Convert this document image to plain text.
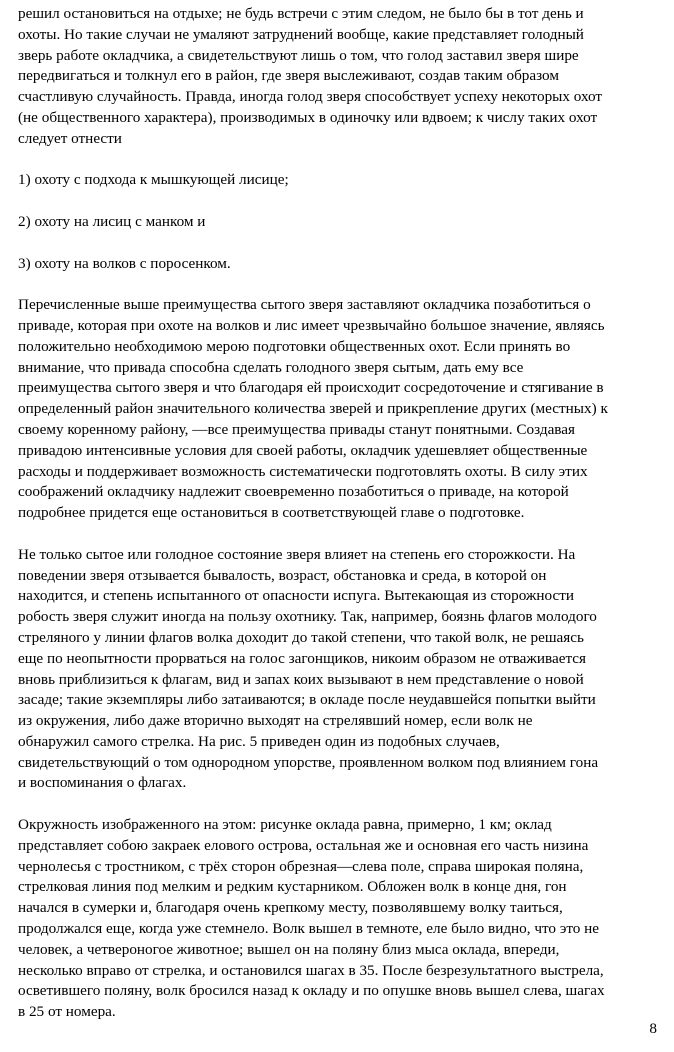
решил остановиться на отдыхе; не будь встречи с этим следом, не было бы в тот день и
охоты. Но такие случаи не умаляют затруднений вообще, какие представляет голодный
зверь работе окладчика, а свидетельствуют лишь о том, что голод заставил зверя шире
передвигаться и толкнул его в район, где зверя выслеживают, создав таким образом
счастливую случайность. Правда, иногда голод зверя способствует успеху некоторых охот
(не общественного характера), производимых в одиночку или вдвоем; к числу таких охот
следует отнести

1) охоту с подхода к мышкующей лисице;

2) охоту на лисиц с манком и

3) охоту на волков с поросенком.

Перечисленные выше преимущества сытого зверя заставляют окладчика позаботиться о
приваде, которая при охоте на волков и лис имеет чрезвычайно большое значение, являясь
положительно необходимою мерою подготовки общественных охот. Если принять во
внимание, что привада способна сделать голодного зверя сытым, дать ему все
преимущества сытого зверя и что благодаря ей происходит сосредоточение и стягивание в
определенный район значительного количества зверей и прикрепление других (местных) к
своему коренному району, —все преимущества привады станут понятными. Создавая
привадою интенсивные условия для своей работы, окладчик удешевляет общественные
расходы и поддерживает возможность систематически подготовлять охоты. В силу этих
соображений окладчику надлежит своевременно позаботиться о приваде, на которой
подробнее придется еще остановиться в соответствующей главе о подготовке.
Не только сытое или голодное состояние зверя влияет на степень его сторожкости. На
поведении зверя отзывается бывалость, возраст, обстановка и среда, в которой он
находится, и степень испытанного от опасности испуга. Вытекающая из сторожности
робость зверя служит иногда на пользу охотнику. Так, например, боязнь флагов молодого
стреляного у линии флагов волка доходит до такой степени, что такой волк, не решаясь
еще по неопытности прорваться на голос загонщиков, никоим образом не отваживается
вновь приблизиться к флагам, вид и запах коих вызывают в нем представление о новой
засаде; такие экземпляры либо затаиваются; в окладе после неудавшейся попытки выйти
из окружения, либо даже вторично выходят на стрелявший номер, если волк не
обнаружил самого стрелка. На рис. 5 приведен один из подобных случаев,
свидетельствующий о том однородном упорстве, проявленном волком под влиянием гона
и воспоминания о флагах.
Окружность изображенного на этом: рисунке оклада равна, примерно, 1 км; оклад
представляет собою закраек елового острова, остальная же и основная его часть низина
чернолесья с тростником, с трёх сторон обрезная—слева поле, справа широкая поляна,
стрелковая линия под мелким и редким кустарником. Обложен волк в конце дня, гон
начался в сумерки и, благодаря очень крепкому месту, позволявшему волку таиться,
продолжался еще, когда уже стемнело. Волк вышел в темноте, еле было видно, что это не
человек, а четвероногое животное; вышел он на поляну близ мыса оклада, впереди,
несколько вправо от стрелка, и остановился шагах в 35. После безрезультатного выстрела,
осветившего поляну, волк бросился назад к окладу и по опушке вновь вышел слева, шагах
в 25 от номера.
8
